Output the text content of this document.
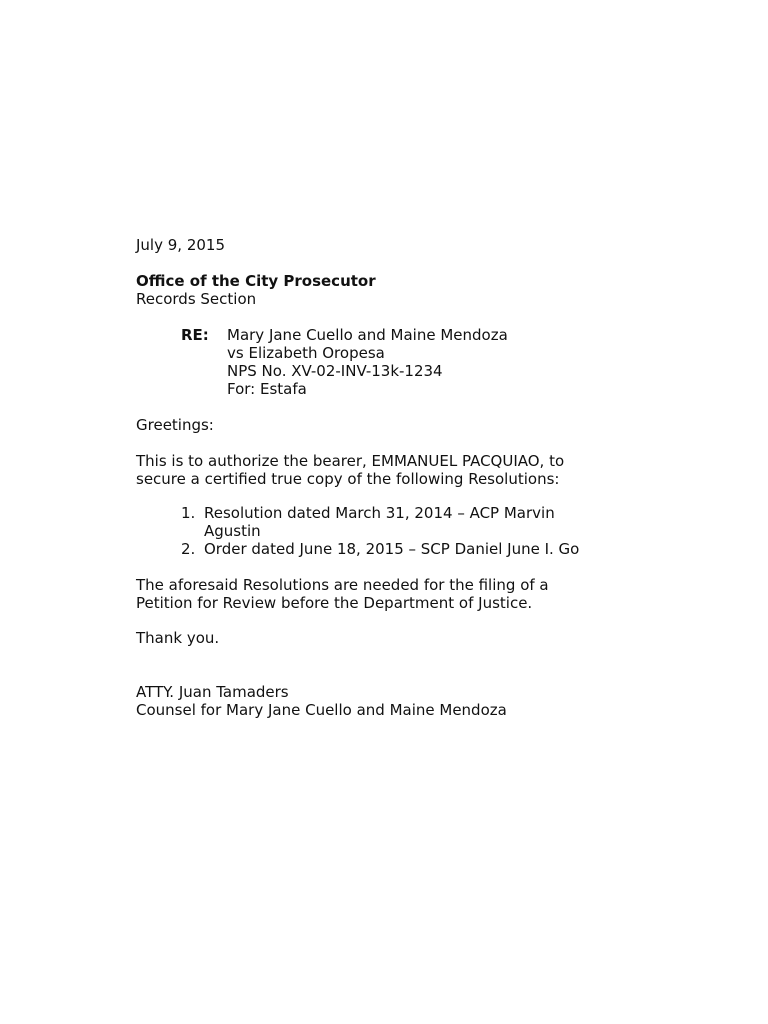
July 9, 2015
Office of the City Prosecutor
Records Section
RE: Mary Jane Cuello and Maine Mendoza
vs Elizabeth Oropesa
NPS No. XV-02-INV-13k-1234
For: Estafa
Greetings:
This is to authorize the bearer, EMMANUEL PACQUIAO, to
secure a certified true copy of the following Resolutions:
1. Resolution dated March 31, 2014 – ACP Marvin
Agustin
2. Order dated June 18, 2015 – SCP Daniel June I. Go
The aforesaid Resolutions are needed for the filing of a
Petition for Review before the Department of Justice.
Thank you.
ATTY. Juan Tamaders
Counsel for Mary Jane Cuello and Maine Mendoza
